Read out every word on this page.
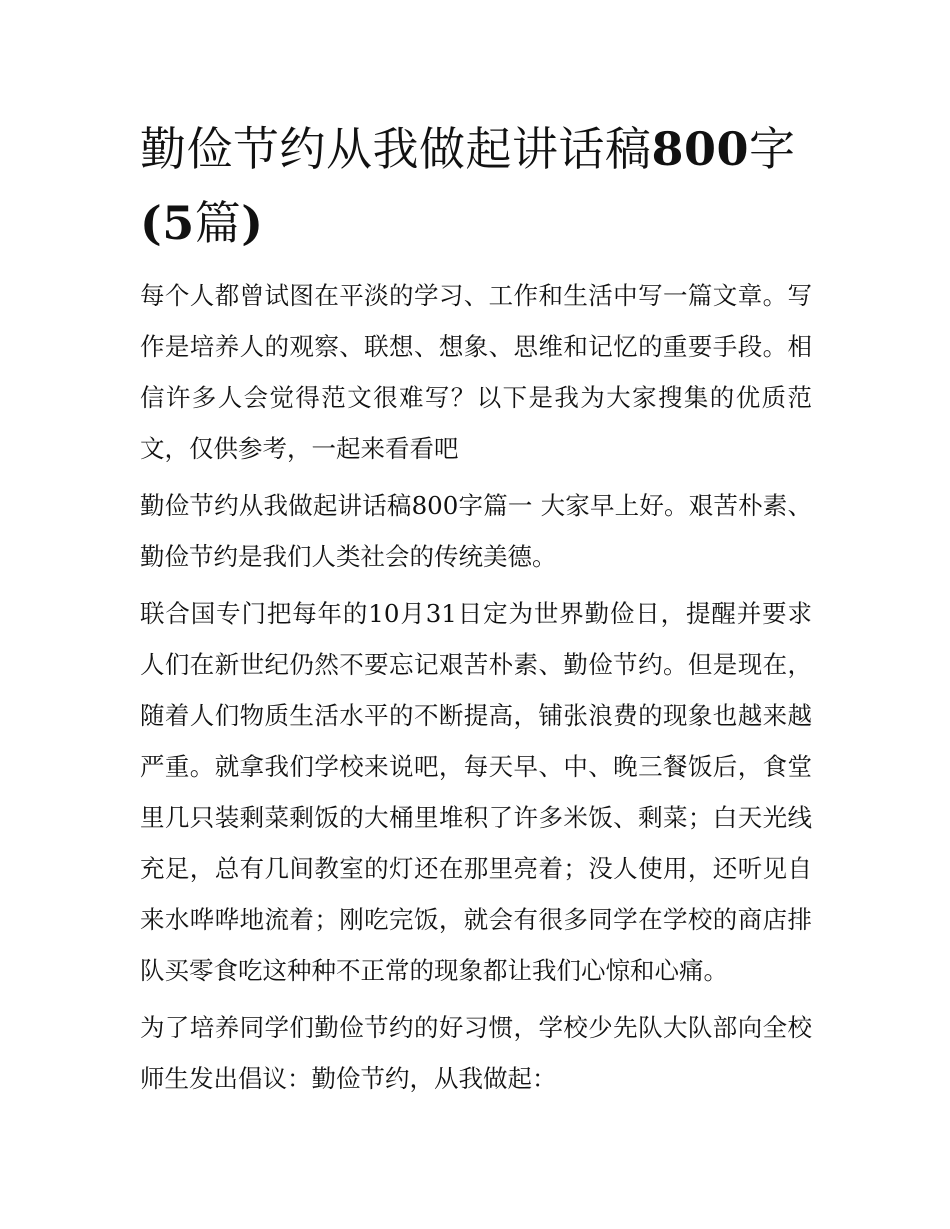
勤俭节约从我做起讲话稿800字(5篇)

每个人都曾试图在平淡的学习、工作和生活中写一篇文章。写作是培养人的观察、联想、想象、思维和记忆的重要手段。相信许多人会觉得范文很难写？以下是我为大家搜集的优质范文，仅供参考，一起来看看吧

勤俭节约从我做起讲话稿800字篇一 大家早上好。艰苦朴素、勤俭节约是我们人类社会的传统美德。

联合国专门把每年的10月31日定为世界勤俭日，提醒并要求人们在新世纪仍然不要忘记艰苦朴素、勤俭节约。但是现在，随着人们物质生活水平的不断提高，铺张浪费的现象也越来越严重。就拿我们学校来说吧，每天早、中、晚三餐饭后，食堂里几只装剩菜剩饭的大桶里堆积了许多米饭、剩菜；白天光线充足，总有几间教室的灯还在那里亮着；没人使用，还听见自来水哗哗地流着；刚吃完饭，就会有很多同学在学校的商店排队买零食吃这种种不正常的现象都让我们心惊和心痛。

为了培养同学们勤俭节约的好习惯，学校少先队大队部向全校师生发出倡议：勤俭节约，从我做起：
